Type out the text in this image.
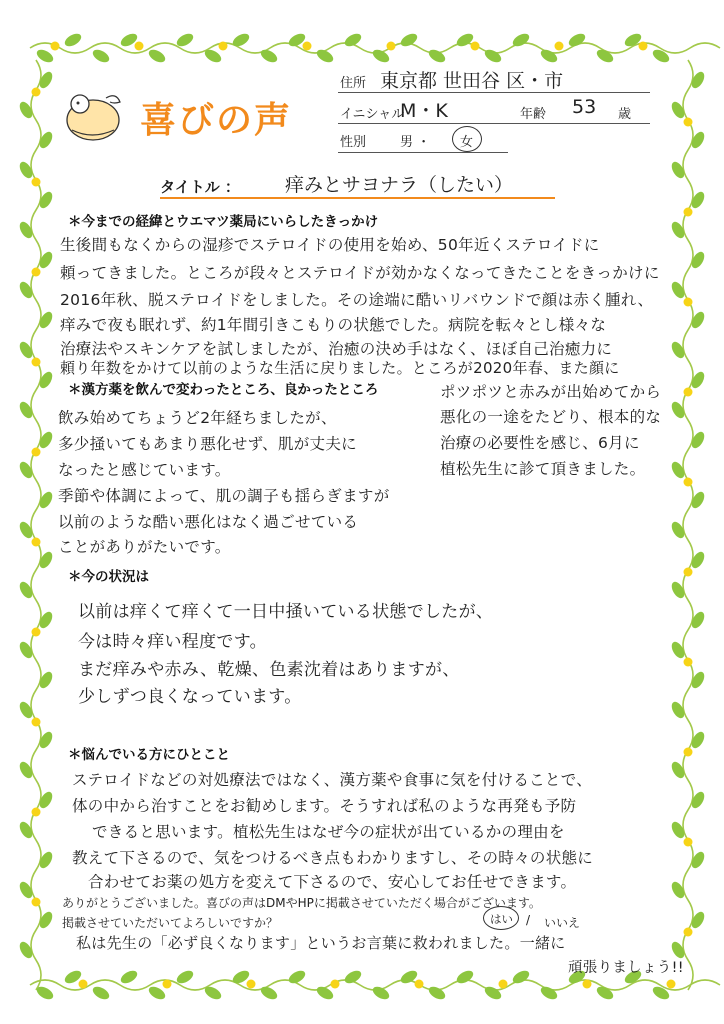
喜びの声
住所 東京都 世田谷 区・市
イニシャル
M・K	年齢 53 歳
性別	男 ・ 女
タイトル ： 痒みとサヨナラ（したい）
＊今までの経緯とウエマツ薬局にいらしたきっかけ
生後間もなくからの湿疹でステロイドの使用を始め、50年近くステロイドに
頼ってきました。ところが段々とステロイドが効かなくなってきたことをきっかけに
2016年秋、脱ステロイドをしました。その途端に酷いリバウンドで顔は赤く腫れ、
痒みで夜も眠れず、約1年間引きこもりの状態でした。病院を転々とし様々な
治療法やスキンケアを試しましたが、治癒の決め手はなく、ほぼ自己治癒力に
頼り年数をかけて以前のような生活に戻りました。ところが2020年春、また顔に
ポツポツと赤みが出始めてから
悪化の一途をたどり、根本的な
治療の必要性を感じ、6月に
植松先生に診て頂きました。
＊漢方薬を飲んで変わったところ、良かったところ
飲み始めてちょうど2年経ちましたが、
多少掻いてもあまり悪化せず、肌が丈夫に
なったと感じています。
季節や体調によって、肌の調子も揺らぎますが
以前のような酷い悪化はなく過ごせている
ことがありがたいです。
＊今の状況は
以前は痒くて痒くて一日中掻いている状態でしたが、
今は時々痒い程度です。
まだ痒みや赤み、乾燥、色素沈着はありますが、
少しずつ良くなっています。
＊悩んでいる方にひとこと
ステロイドなどの対処療法ではなく、漢方薬や食事に気を付けることで、
体の中から治すことをお勧めします。そうすれば私のような再発も予防
できると思います。植松先生はなぜ今の症状が出ているかの理由を
教えて下さるので、気をつけるべき点もわかりますし、その時々の状態に
合わせてお薬の処方を変えて下さるので、安心してお任せできます。
ありがとうございました。喜びの声はDMやHPに掲載させていただく場合がございます。
掲載させていただいてよろしいですか？	はい / いいえ
私は先生の「必ず良くなります」というお言葉に救われました。一緒に
頑張りましょう!!
